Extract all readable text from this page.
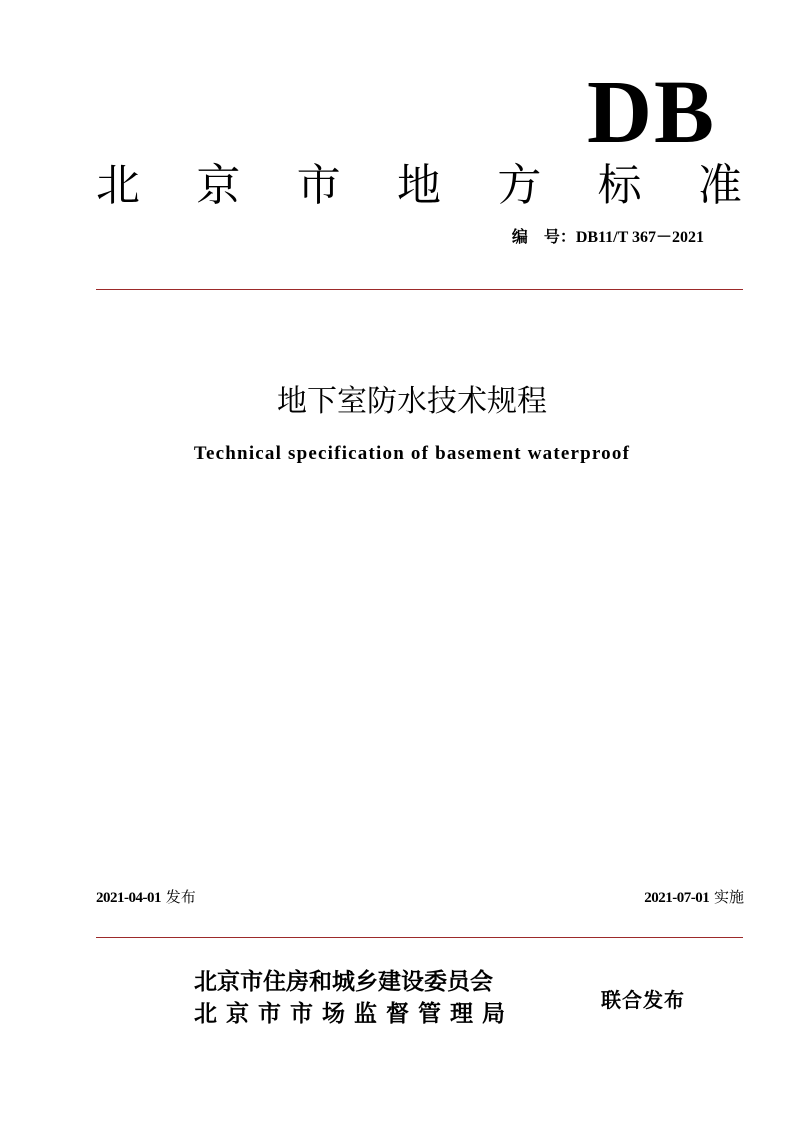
DB
北 京 市 地 方 标 准
编　号：DB11/T 367－2021
地下室防水技术规程
Technical specification of basement waterproof
2021-04-01 发布	2021-07-01 实施
北京市住房和城乡建设委员会
北京市市场监督管理局
联合发布
